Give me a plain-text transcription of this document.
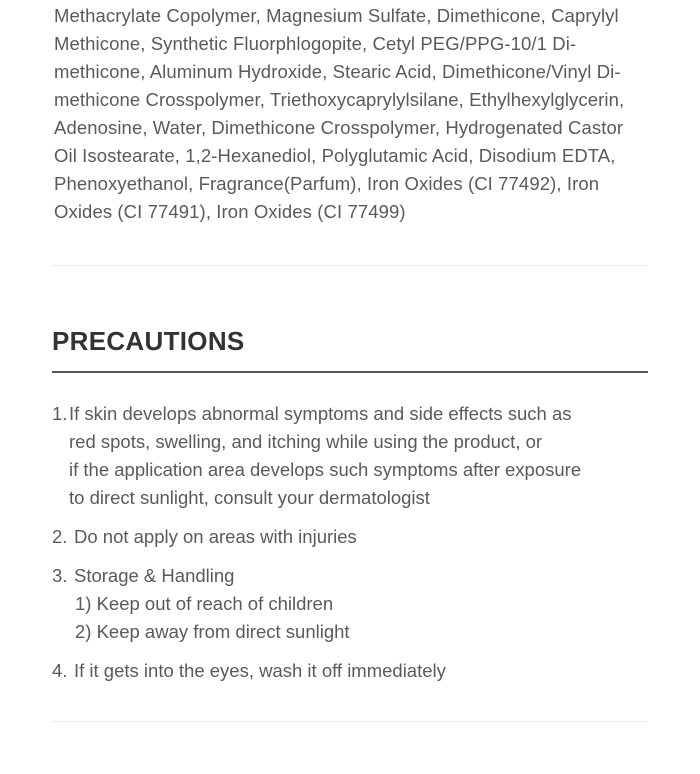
Methacrylate Copolymer, Magnesium Sulfate, Dimethicone, Caprylyl
Methicone, Synthetic Fluorphlogopite, Cetyl PEG/PPG-10/1 Di-
methicone, Aluminum Hydroxide, Stearic Acid, Dimethicone/Vinyl Di-
methicone Crosspolymer, Triethoxycaprylylsilane, Ethylhexylglycerin,
Adenosine, Water, Dimethicone Crosspolymer, Hydrogenated Castor
Oil Isostearate, 1,2-Hexanediol, Polyglutamic Acid, Disodium EDTA,
Phenoxyethanol, Fragrance(Parfum), Iron Oxides (CI 77492), Iron
Oxides (CI 77491), Iron Oxides (CI 77499)
PRECAUTIONS
1. If skin develops abnormal symptoms and side effects such as
red spots, swelling, and itching while using the product, or
if the application area develops such symptoms after exposure
to direct sunlight, consult your dermatologist
2. Do not apply on areas with injuries
3. Storage & Handling
1) Keep out of reach of children
2) Keep away from direct sunlight
4. If it gets into the eyes, wash it off immediately
